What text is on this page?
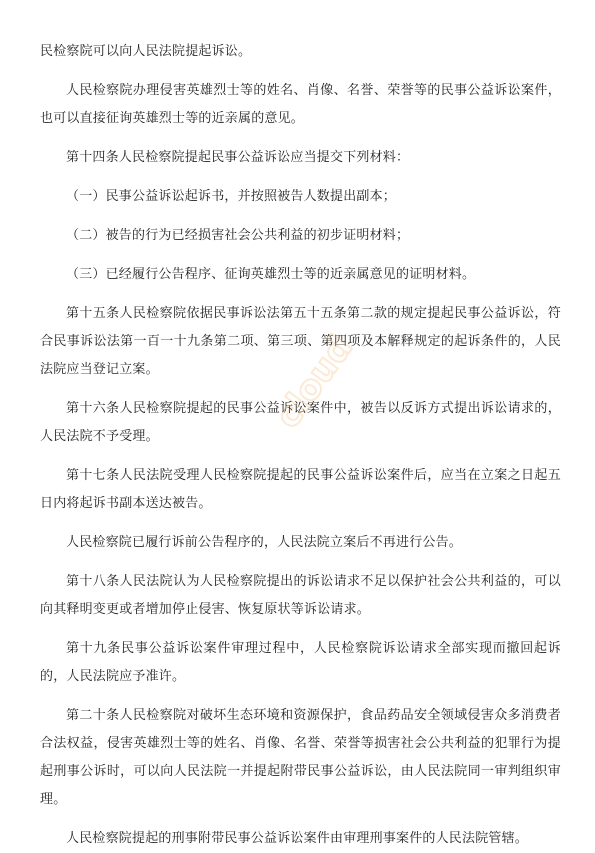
民检察院可以向人民法院提起诉讼。

人民检察院办理侵害英雄烈士等的姓名、肖像、名誉、荣誉等的民事公益诉讼案件，也可以直接征询英雄烈士等的近亲属的意见。

第十四条人民检察院提起民事公益诉讼应当提交下列材料：

（一）民事公益诉讼起诉书，并按照被告人数提出副本；

（二）被告的行为已经损害社会公共利益的初步证明材料；

（三）已经履行公告程序、征询英雄烈士等的近亲属意见的证明材料。

第十五条人民检察院依据民事诉讼法第五十五条第二款的规定提起民事公益诉讼，符合民事诉讼法第一百一十九条第二项、第三项、第四项及本解释规定的起诉条件的，人民法院应当登记立案。

第十六条人民检察院提起的民事公益诉讼案件中，被告以反诉方式提出诉讼请求的，人民法院不予受理。

第十七条人民法院受理人民检察院提起的民事公益诉讼案件后，应当在立案之日起五日内将起诉书副本送达被告。

人民检察院已履行诉前公告程序的，人民法院立案后不再进行公告。

第十八条人民法院认为人民检察院提出的诉讼请求不足以保护社会公共利益的，可以向其释明变更或者增加停止侵害、恢复原状等诉讼请求。

第十九条民事公益诉讼案件审理过程中，人民检察院诉讼请求全部实现而撤回起诉的，人民法院应予准许。

第二十条人民检察院对破坏生态环境和资源保护，食品药品安全领域侵害众多消费者合法权益，侵害英雄烈士等的姓名、肖像、名誉、荣誉等损害社会公共利益的犯罪行为提起刑事公诉时，可以向人民法院一并提起附带民事公益诉讼，由人民法院同一审判组织审理。

人民检察院提起的刑事附带民事公益诉讼案件由审理刑事案件的人民法院管辖。

cloud
